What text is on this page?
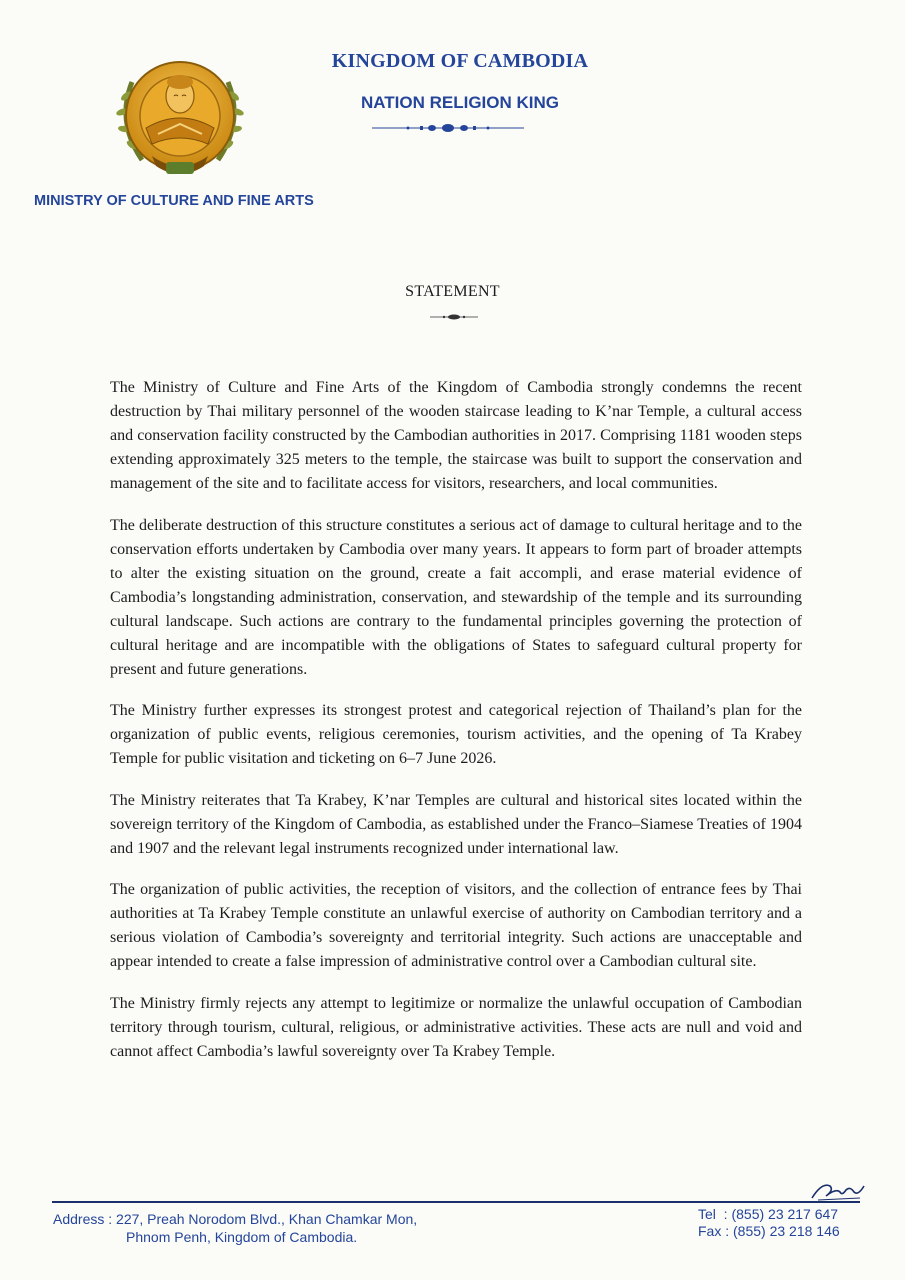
KINGDOM OF CAMBODIA
NATION RELIGION KING
MINISTRY OF CULTURE AND FINE ARTS
STATEMENT

The Ministry of Culture and Fine Arts of the Kingdom of Cambodia strongly condemns the recent destruction by Thai military personnel of the wooden staircase leading to K’nar Temple, a cultural access and conservation facility constructed by the Cambodian authorities in 2017. Comprising 1181 wooden steps extending approximately 325 meters to the temple, the staircase was built to support the conservation and management of the site and to facilitate access for visitors, researchers, and local communities.

The deliberate destruction of this structure constitutes a serious act of damage to cultural heritage and to the conservation efforts undertaken by Cambodia over many years. It appears to form part of broader attempts to alter the existing situation on the ground, create a fait accompli, and erase material evidence of Cambodia’s longstanding administration, conservation, and stewardship of the temple and its surrounding cultural landscape. Such actions are contrary to the fundamental principles governing the protection of cultural heritage and are incompatible with the obligations of States to safeguard cultural property for present and future generations.

The Ministry further expresses its strongest protest and categorical rejection of Thailand’s plan for the organization of public events, religious ceremonies, tourism activities, and the opening of Ta Krabey Temple for public visitation and ticketing on 6–7 June 2026.

The Ministry reiterates that Ta Krabey, K’nar Temples are cultural and historical sites located within the sovereign territory of the Kingdom of Cambodia, as established under the Franco–Siamese Treaties of 1904 and 1907 and the relevant legal instruments recognized under international law.

The organization of public activities, the reception of visitors, and the collection of entrance fees by Thai authorities at Ta Krabey Temple constitute an unlawful exercise of authority on Cambodian territory and a serious violation of Cambodia’s sovereignty and territorial integrity. Such actions are unacceptable and appear intended to create a false impression of administrative control over a Cambodian cultural site.

The Ministry firmly rejects any attempt to legitimize or normalize the unlawful occupation of Cambodian territory through tourism, cultural, religious, or administrative activities. These acts are null and void and cannot affect Cambodia’s lawful sovereignty over Ta Krabey Temple.

Address : 227, Preah Norodom Blvd., Khan Chamkar Mon,
Phnom Penh, Kingdom of Cambodia.
Tel  : (855) 23 217 647
Fax : (855) 23 218 146
